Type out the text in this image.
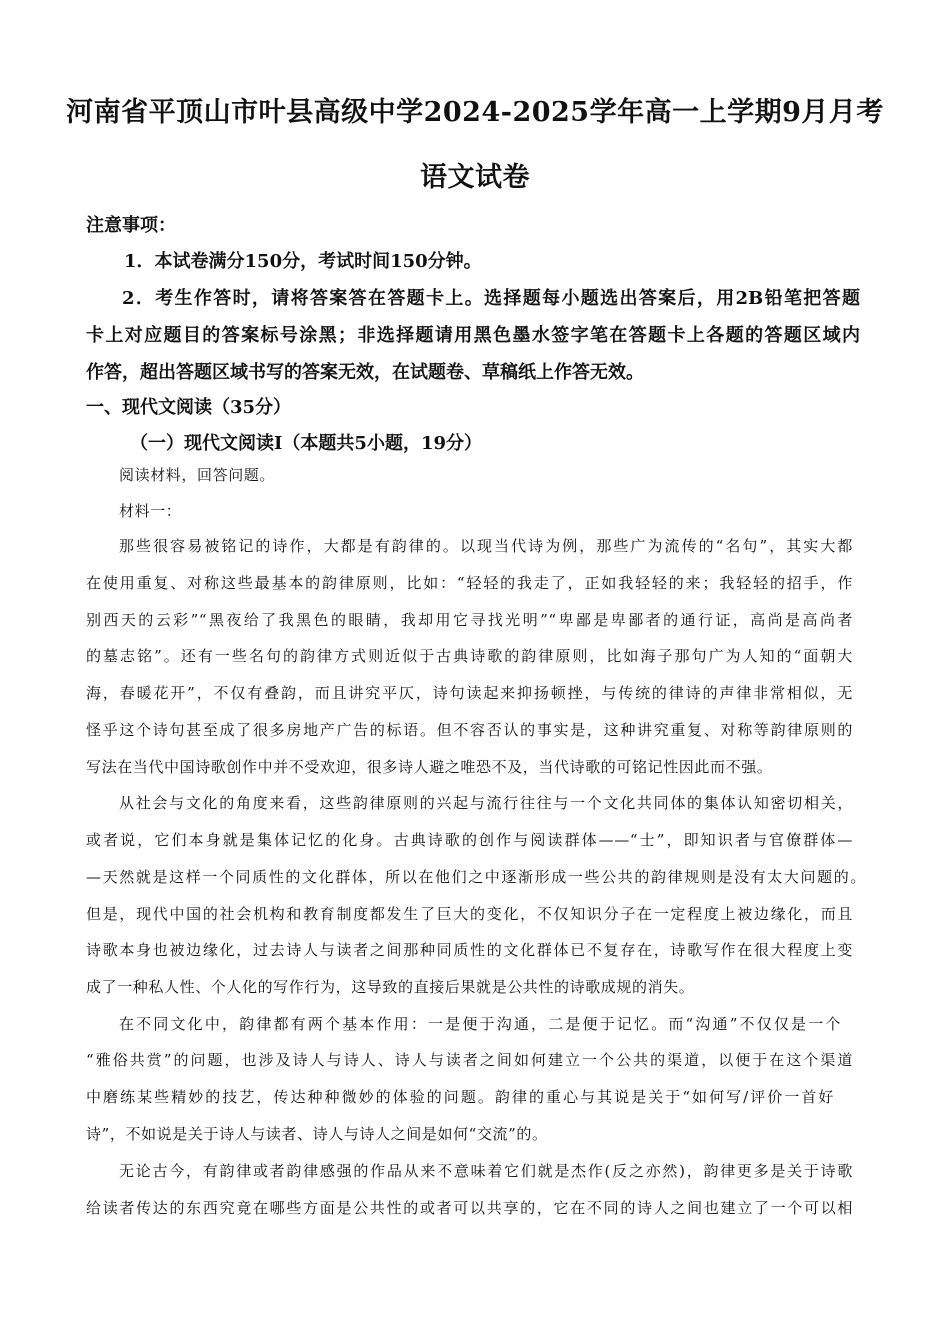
河南省平顶山市叶县高级中学2024-2025学年高一上学期9月月考
语文试卷
注意事项：
1．本试卷满分150分，考试时间150分钟。
2．考生作答时，请将答案答在答题卡上。选择题每小题选出答案后，用2B铅笔把答题
卡上对应题目的答案标号涂黑；非选择题请用黑色墨水签字笔在答题卡上各题的答题区域内
作答，超出答题区域书写的答案无效，在试题卷、草稿纸上作答无效。
一、现代文阅读（35分）
（一）现代文阅读Ⅰ（本题共5小题，19分）
阅读材料，回答问题。
材料一：
那些很容易被铭记的诗作，大都是有韵律的。以现当代诗为例，那些广为流传的“名句”，其实大都
在使用重复、对称这些最基本的韵律原则，比如：“轻轻的我走了，正如我轻轻的来；我轻轻的招手，作
别西天的云彩”“黑夜给了我黑色的眼睛，我却用它寻找光明”“卑鄙是卑鄙者的通行证，高尚是高尚者
的墓志铭”。还有一些名句的韵律方式则近似于古典诗歌的韵律原则，比如海子那句广为人知的“面朝大
海，春暖花开”，不仅有叠韵，而且讲究平仄，诗句读起来抑扬顿挫，与传统的律诗的声律非常相似，无
怪乎这个诗句甚至成了很多房地产广告的标语。但不容否认的事实是，这种讲究重复、对称等韵律原则的
写法在当代中国诗歌创作中并不受欢迎，很多诗人避之唯恐不及，当代诗歌的可铭记性因此而不强。
从社会与文化的角度来看，这些韵律原则的兴起与流行往往与一个文化共同体的集体认知密切相关，
或者说，它们本身就是集体记忆的化身。古典诗歌的创作与阅读群体——“士”，即知识者与官僚群体—
—天然就是这样一个同质性的文化群体，所以在他们之中逐渐形成一些公共的韵律规则是没有太大问题的。
但是，现代中国的社会机构和教育制度都发生了巨大的变化，不仅知识分子在一定程度上被边缘化，而且
诗歌本身也被边缘化，过去诗人与读者之间那种同质性的文化群体已不复存在，诗歌写作在很大程度上变
成了一种私人性、个人化的写作行为，这导致的直接后果就是公共性的诗歌成规的消失。
在不同文化中，韵律都有两个基本作用：一是便于沟通，二是便于记忆。而“沟通”不仅仅是一个
“雅俗共赏”的问题，也涉及诗人与诗人、诗人与读者之间如何建立一个公共的渠道，以便于在这个渠道
中磨练某些精妙的技艺，传达种种微妙的体验的问题。韵律的重心与其说是关于“如何写/评价一首好
诗”，不如说是关于诗人与读者、诗人与诗人之间是如何“交流”的。
无论古今，有韵律或者韵律感强的作品从来不意味着它们就是杰作(反之亦然)，韵律更多是关于诗歌
给读者传达的东西究竟在哪些方面是公共性的或者可以共享的，它在不同的诗人之间也建立了一个可以相
